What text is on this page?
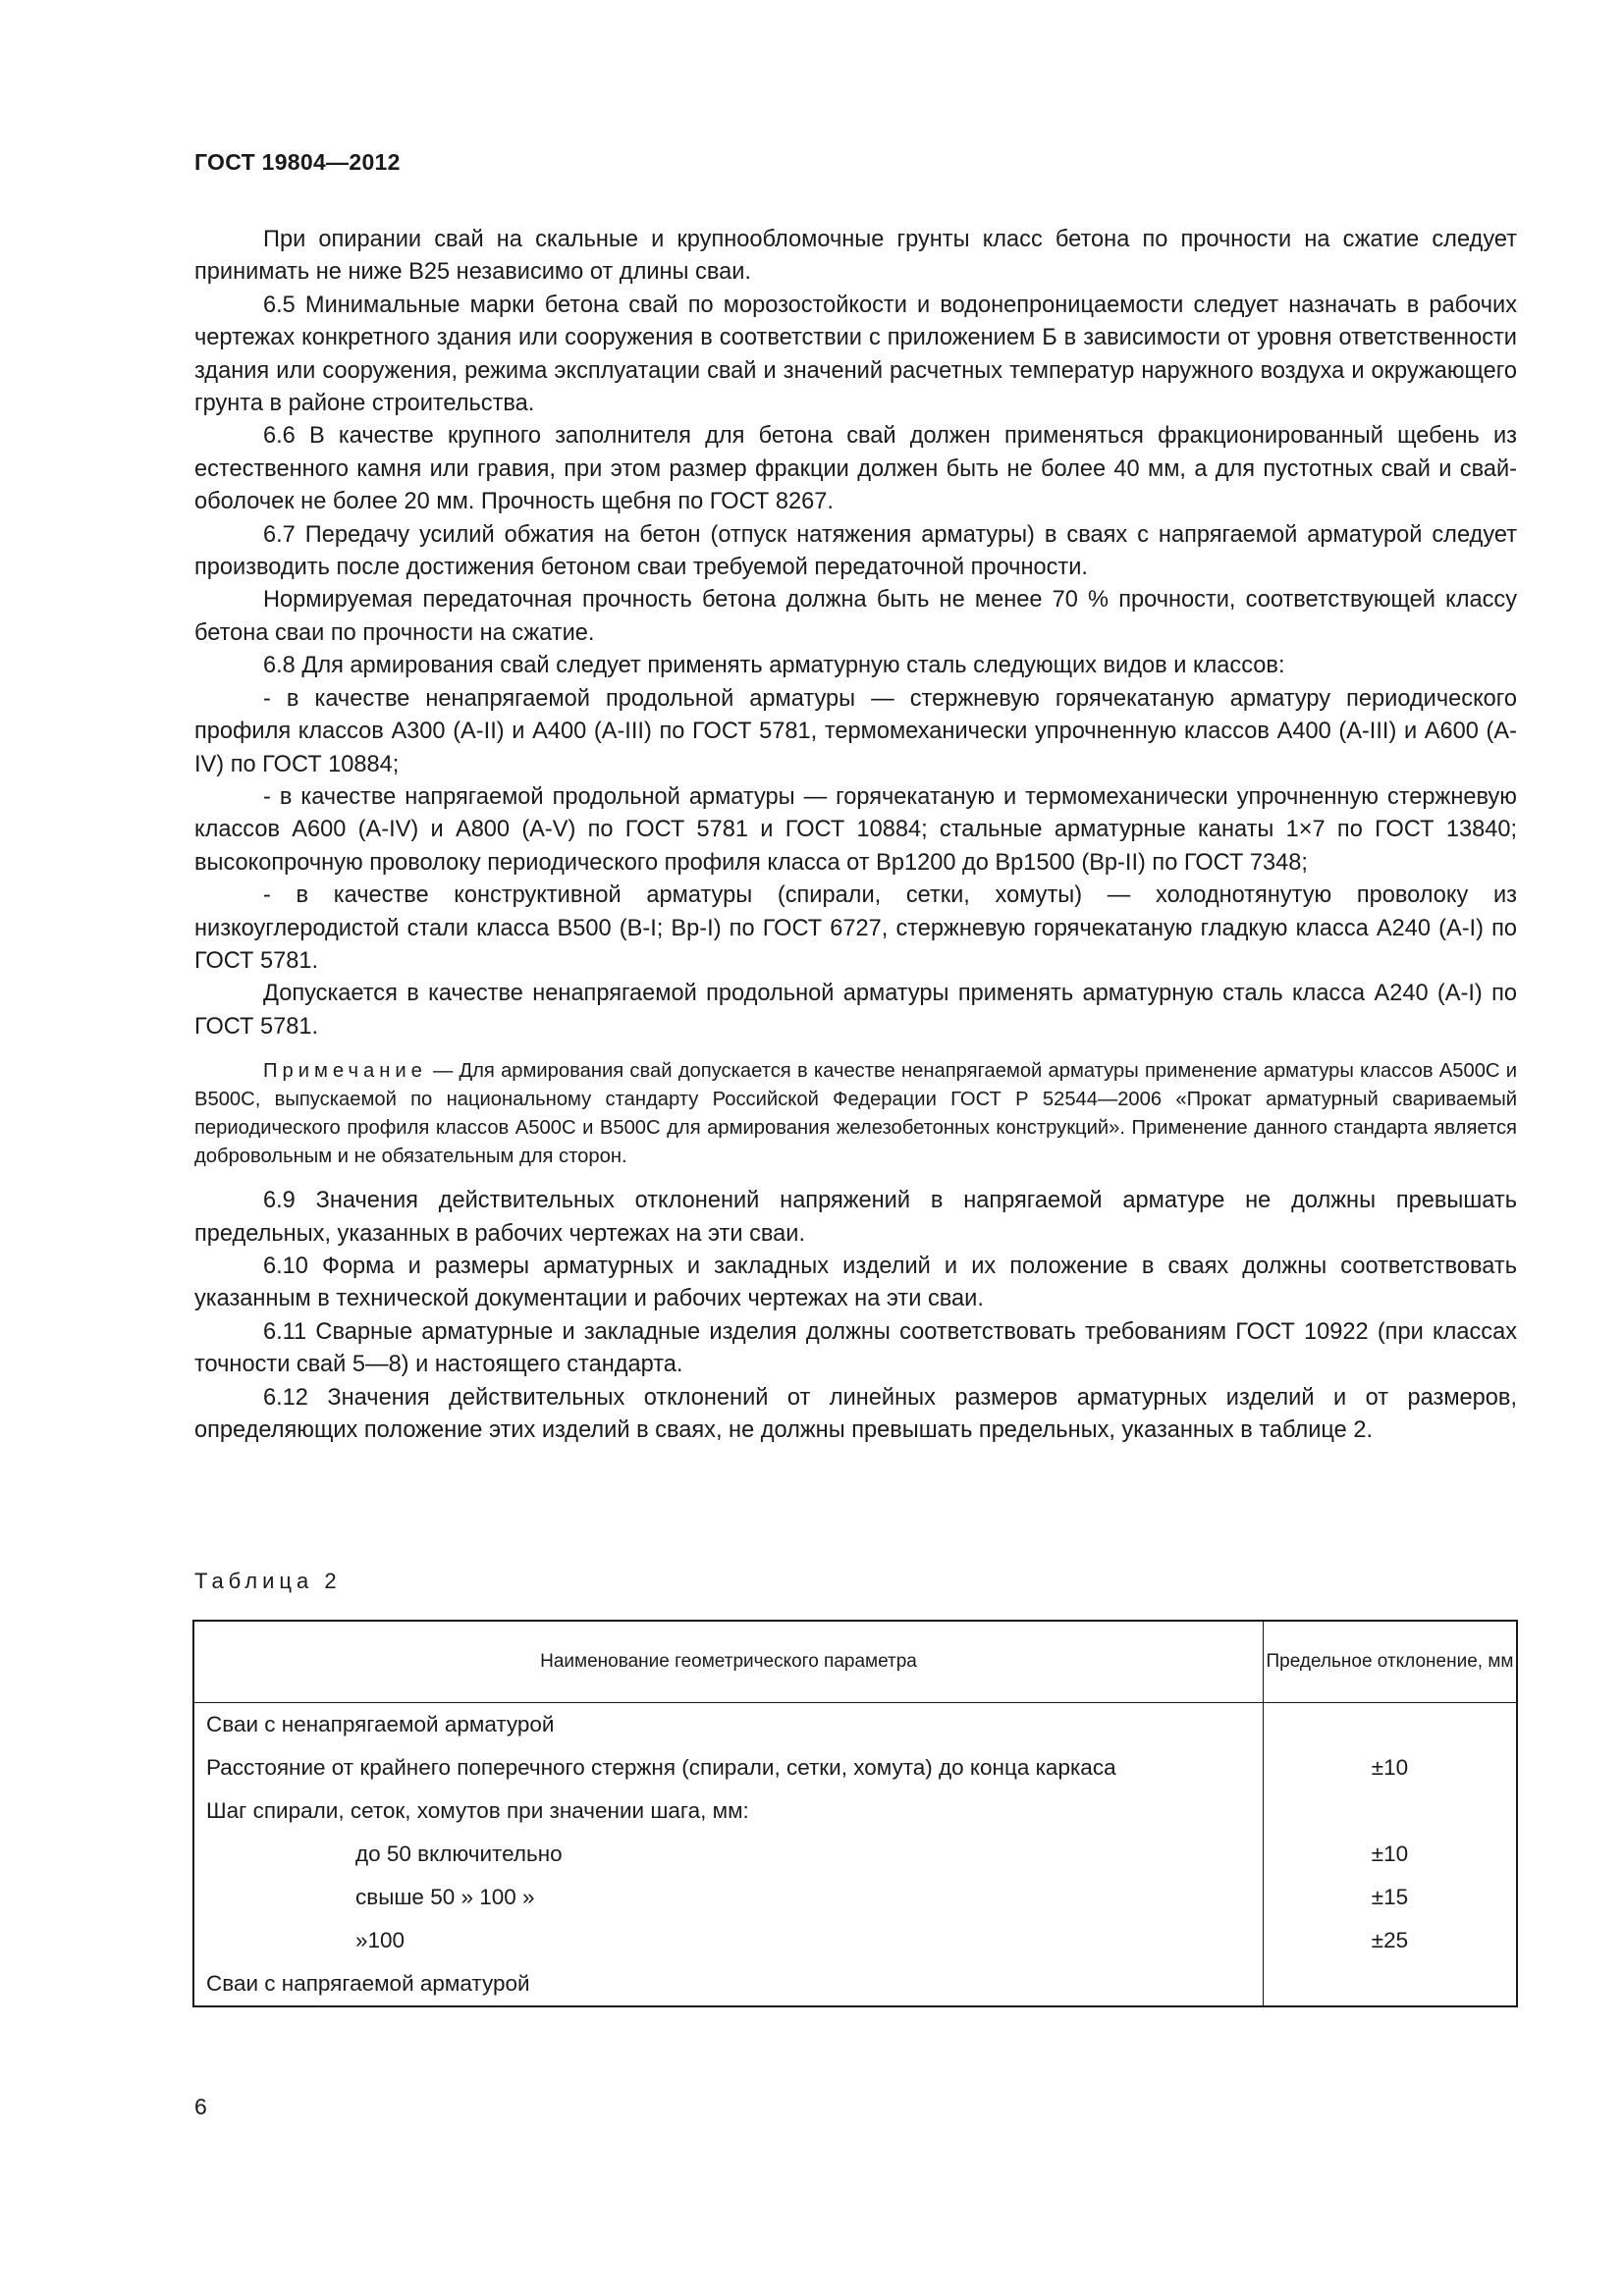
ГОСТ 19804—2012

При опирании свай на скальные и крупнообломочные грунты класс бетона по прочности на сжатие следует принимать не ниже В25 независимо от длины сваи.

6.5 Минимальные марки бетона свай по морозостойкости и водонепроницаемости следует назначать в рабочих чертежах конкретного здания или сооружения в соответствии с приложением Б в зависимости от уровня ответственности здания или сооружения, режима эксплуатации свай и значений расчетных температур наружного воздуха и окружающего грунта в районе строительства.

6.6 В качестве крупного заполнителя для бетона свай должен применяться фракционированный щебень из естественного камня или гравия, при этом размер фракции должен быть не более 40 мм, а для пустотных свай и свай-оболочек не более 20 мм. Прочность щебня по ГОСТ 8267.

6.7 Передачу усилий обжатия на бетон (отпуск натяжения арматуры) в сваях с напрягаемой арматурой следует производить после достижения бетоном сваи требуемой передаточной прочности.

Нормируемая передаточная прочность бетона должна быть не менее 70 % прочности, соответствующей классу бетона сваи по прочности на сжатие.

6.8 Для армирования свай следует применять арматурную сталь следующих видов и классов:

- в качестве ненапрягаемой продольной арматуры — стержневую горячекатаную арматуру периодического профиля классов А300 (А-II) и А400 (А-III) по ГОСТ 5781, термомеханически упрочненную классов А400 (А-III) и А600 (А-IV) по ГОСТ 10884;

- в качестве напрягаемой продольной арматуры — горячекатаную и термомеханически упрочненную стержневую классов А600 (А-IV) и А800 (А-V) по ГОСТ 5781 и ГОСТ 10884; стальные арматурные канаты 1×7 по ГОСТ 13840; высокопрочную проволоку периодического профиля класса от Вр1200 до Вр1500 (Вр-II) по ГОСТ 7348;

- в качестве конструктивной арматуры (спирали, сетки, хомуты) — холоднотянутую проволоку из низкоуглеродистой стали класса В500 (В-I; Вр-I) по ГОСТ 6727, стержневую горячекатаную гладкую класса А240 (А-I) по ГОСТ 5781.

Допускается в качестве ненапрягаемой продольной арматуры применять арматурную сталь класса А240 (А-I) по ГОСТ 5781.

Примечание — Для армирования свай допускается в качестве ненапрягаемой арматуры применение арматуры классов А500С и В500С, выпускаемой по национальному стандарту Российской Федерации ГОСТ Р 52544—2006 «Прокат арматурный свариваемый периодического профиля классов А500С и В500С для армирования железобетонных конструкций». Применение данного стандарта является добровольным и не обязательным для сторон.

6.9 Значения действительных отклонений напряжений в напрягаемой арматуре не должны превышать предельных, указанных в рабочих чертежах на эти сваи.

6.10 Форма и размеры арматурных и закладных изделий и их положение в сваях должны соответствовать указанным в технической документации и рабочих чертежах на эти сваи.

6.11 Сварные арматурные и закладные изделия должны соответствовать требованиям ГОСТ 10922 (при классах точности свай 5—8) и настоящего стандарта.

6.12 Значения действительных отклонений от линейных размеров арматурных изделий и от размеров, определяющих положение этих изделий в сваях, не должны превышать предельных, указанных в таблице 2.

Таблица 2
Наименование геометрического параметра	Предельное отклонение, мм
Сваи с ненапрягаемой арматурой	
Расстояние от крайнего поперечного стержня (спирали, сетки, хомута) до конца каркаса	±10
Шаг спирали, сеток, хомутов при значении шага, мм:	
до 50 включительно	±10
свыше 50 » 100 »	±15
»100	±25
Сваи с напрягаемой арматурой	
6
